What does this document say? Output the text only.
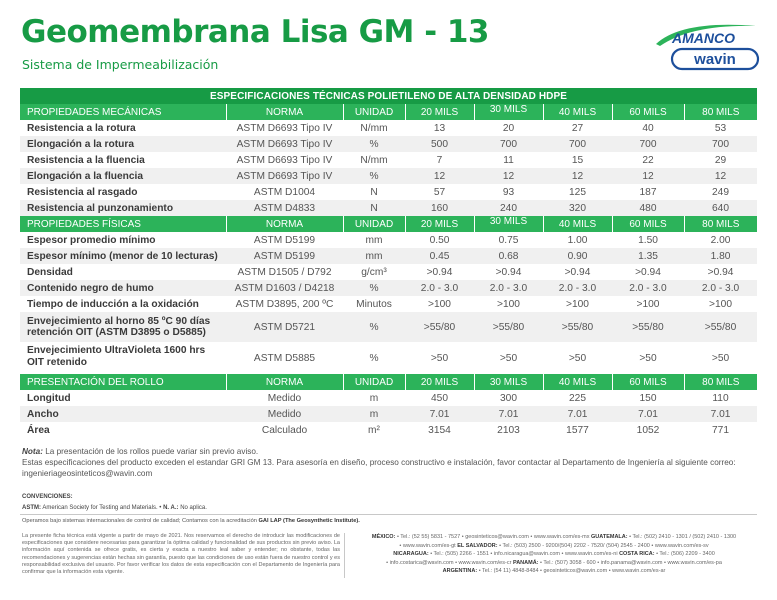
Geomembrana Lisa GM - 13
Sistema de Impermeabilización
AMANCO
wavin
ESPECIFICACIONES TÉCNICAS POLIETILENO DE ALTA DENSIDAD HDPE							
PROPIEDADES MECÁNICAS	NORMA	UNIDAD	20 MILS	30 MILS	40 MILS	60 MILS	80 MILS
Resistencia a la rotura	ASTM D6693 Tipo IV	N/mm	13	20	27	40	53
Elongación a la rotura	ASTM D6693 Tipo IV	%	500	700	700	700	700
Resistencia a la fluencia	ASTM D6693 Tipo IV	N/mm	7	11	15	22	29
Elongación a la fluencia	ASTM D6693 Tipo IV	%	12	12	12	12	12
Resistencia al rasgado	ASTM D1004	N	57	93	125	187	249
Resistencia al punzonamiento	ASTM D4833	N	160	240	320	480	640
PROPIEDADES FÍSICAS	NORMA	UNIDAD	20 MILS	30 MILS	40 MILS	60 MILS	80 MILS
Espesor promedio mínimo	ASTM D5199	mm	0.50	0.75	1.00	1.50	2.00
Espesor mínimo (menor de 10 lecturas)	ASTM D5199	mm	0.45	0.68	0.90	1.35	1.80
Densidad	ASTM D1505 / D792	g/cm³	>0.94	>0.94	>0.94	>0.94	>0.94
Contenido negro de humo	ASTM D1603 / D4218	%	2.0 - 3.0	2.0 - 3.0	2.0 - 3.0	2.0 - 3.0	2.0 - 3.0
Tiempo de inducción a la oxidación	ASTM D3895, 200 ºC	Minutos	>100	>100	>100	>100	>100
Envejecimiento al horno 85 ºC 90 días retención OIT (ASTM D3895 o D5885)	ASTM D5721	%	>55/80	>55/80	>55/80	>55/80	>55/80
Envejecimiento UltraVioleta 1600 hrs OIT retenido	ASTM D5885	%	>50	>50	>50	>50	>50
PRESENTACIÓN DEL ROLLO	NORMA	UNIDAD	20 MILS	30 MILS	40 MILS	60 MILS	80 MILS
Longitud	Medido	m	450	300	225	150	110
Ancho	Medido	m	7.01	7.01	7.01	7.01	7.01
Área	Calculado	m²	3154	2103	1577	1052	771
Nota: La presentación de los rollos puede variar sin previo aviso.
Estas especificaciones del producto exceden el estandar GRI GM 13. Para asesoría en diseño, proceso constructivo e instalación, favor contactar al Departamento de Ingeniería al siguiente correo:
ingenieriageosinteticos@wavin.com
CONVENCIONES:
ASTM: American Society for Testing and Materials. • N. A.: No aplica.
Operamos bajo sistemas internacionales de control de calidad; Contamos con la acreditación GAI LAP (The Geosynthetic Institute).
La presente ficha técnica está vigente a partir de mayo de 2021. Nos reservamos el derecho de introducir las modificaciones de especificaciones que considere necesarias para garantizar la óptima calidad y funcionalidad de sus productos sin previo aviso. La información aquí contenida se ofrece gratis, es cierta y exacta a nuestro leal saber y entender; no obstante, todas las recomendaciones y sugerencias están hechas sin garantía, puesto que las condiciones de uso están fuera de nuestro control y es responsabilidad exclusiva del usuario. Por favor verificar los datos de esta especificación con el Departamento de Ingeniería para confirmar que la información esta vigente.
MÉXICO: • Tel.: (52 55) 5831 - 7527 • geosinteticos@wavin.com • www.wavin.com/es-mx GUATEMALA: • Tel.: (502) 2410 - 1301 / (502) 2410 - 1300
• www.wavin.com/es-gt EL SALVADOR: • Tel.: (503) 2500 - 9200/(504) 2202 - 7520/ (504) 2545 - 2400 • www.wavin.com/es-sv
NICARAGUA: • Tel.: (505) 2266 - 1551 • info.nicaragua@wavin.com • www.wavin.com/es-ni COSTA RICA: • Tel.: (506) 2209 - 3400
• info.costarica@wavin.com • www.wavin.com/es-cr PANAMÁ: • Tel.: (507) 3058 - 600 • info.panama@wavin.com • www.wavin.com/es-pa
ARGENTINA: • Tel.: (54 11) 4848-8484 • geosinteticos@wavin.com • www.wavin.com/es-ar
